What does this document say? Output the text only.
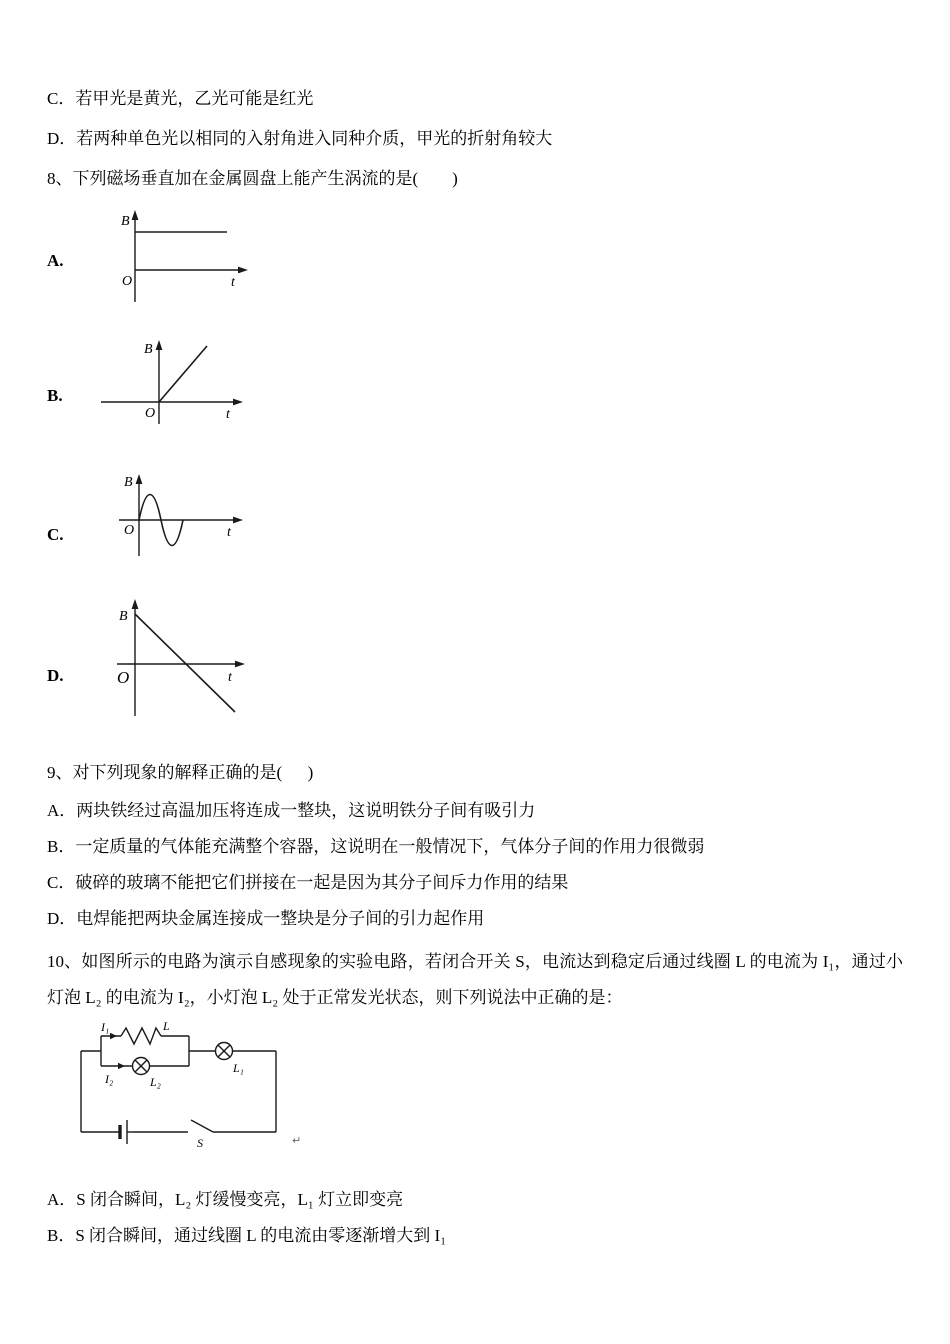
C．若甲光是黄光，乙光可能是红光
D．若两种单色光以相同的入射角进入同种介质，甲光的折射角较大
8、下列磁场垂直加在金属圆盘上能产生涡流的是(        )
A.
B
O	t
B.
B
O	t
C.
B
O	t
D.
B
O	t
9、对下列现象的解释正确的是(      )
A．两块铁经过高温加压将连成一整块，这说明铁分子间有吸引力
B．一定质量的气体能充满整个容器，这说明在一般情况下，气体分子间的作用力很微弱
C．破碎的玻璃不能把它们拼接在一起是因为其分子间斥力作用的结果
D．电焊能把两块金属连接成一整块是分子间的引力起作用
10、如图所示的电路为演示自感现象的实验电路，若闭合开关 S，电流达到稳定后通过线圈 L 的电流为 I₁，通过小灯泡 L₂ 的电流为 I₂，小灯泡 L₂ 处于正常发光状态，则下列说法中正确的是：
I₁	L
I₂	L₂
L₁
S	↵
A．S 闭合瞬间，L₂ 灯缓慢变亮，L₁ 灯立即变亮
B．S 闭合瞬间，通过线圈 L 的电流由零逐渐增大到 I₁
